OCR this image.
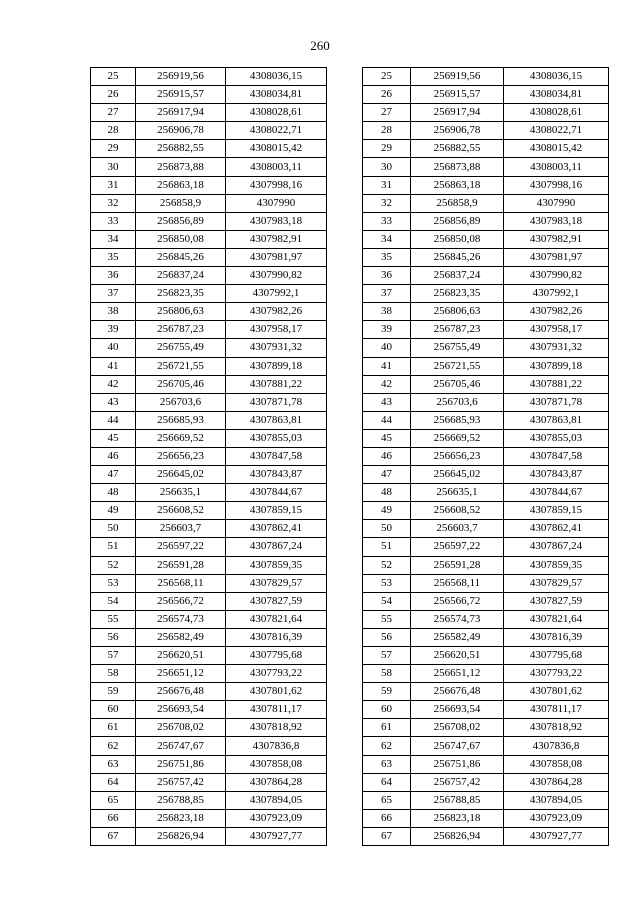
260
25	256919,56	4308036,15
26	256915,57	4308034,81
27	256917,94	4308028,61
28	256906,78	4308022,71
29	256882,55	4308015,42
30	256873,88	4308003,11
31	256863,18	4307998,16
32	256858,9	4307990
33	256856,89	4307983,18
34	256850,08	4307982,91
35	256845,26	4307981,97
36	256837,24	4307990,82
37	256823,35	4307992,1
38	256806,63	4307982,26
39	256787,23	4307958,17
40	256755,49	4307931,32
41	256721,55	4307899,18
42	256705,46	4307881,22
43	256703,6	4307871,78
44	256685,93	4307863,81
45	256669,52	4307855,03
46	256656,23	4307847,58
47	256645,02	4307843,87
48	256635,1	4307844,67
49	256608,52	4307859,15
50	256603,7	4307862,41
51	256597,22	4307867,24
52	256591,28	4307859,35
53	256568,11	4307829,57
54	256566,72	4307827,59
55	256574,73	4307821,64
56	256582,49	4307816,39
57	256620,51	4307795,68
58	256651,12	4307793,22
59	256676,48	4307801,62
60	256693,54	4307811,17
61	256708,02	4307818,92
62	256747,67	4307836,8
63	256751,86	4307858,08
64	256757,42	4307864,28
65	256788,85	4307894,05
66	256823,18	4307923,09
67	256826,94	4307927,77
25	256919,56	4308036,15
26	256915,57	4308034,81
27	256917,94	4308028,61
28	256906,78	4308022,71
29	256882,55	4308015,42
30	256873,88	4308003,11
31	256863,18	4307998,16
32	256858,9	4307990
33	256856,89	4307983,18
34	256850,08	4307982,91
35	256845,26	4307981,97
36	256837,24	4307990,82
37	256823,35	4307992,1
38	256806,63	4307982,26
39	256787,23	4307958,17
40	256755,49	4307931,32
41	256721,55	4307899,18
42	256705,46	4307881,22
43	256703,6	4307871,78
44	256685,93	4307863,81
45	256669,52	4307855,03
46	256656,23	4307847,58
47	256645,02	4307843,87
48	256635,1	4307844,67
49	256608,52	4307859,15
50	256603,7	4307862,41
51	256597,22	4307867,24
52	256591,28	4307859,35
53	256568,11	4307829,57
54	256566,72	4307827,59
55	256574,73	4307821,64
56	256582,49	4307816,39
57	256620,51	4307795,68
58	256651,12	4307793,22
59	256676,48	4307801,62
60	256693,54	4307811,17
61	256708,02	4307818,92
62	256747,67	4307836,8
63	256751,86	4307858,08
64	256757,42	4307864,28
65	256788,85	4307894,05
66	256823,18	4307923,09
67	256826,94	4307927,77
